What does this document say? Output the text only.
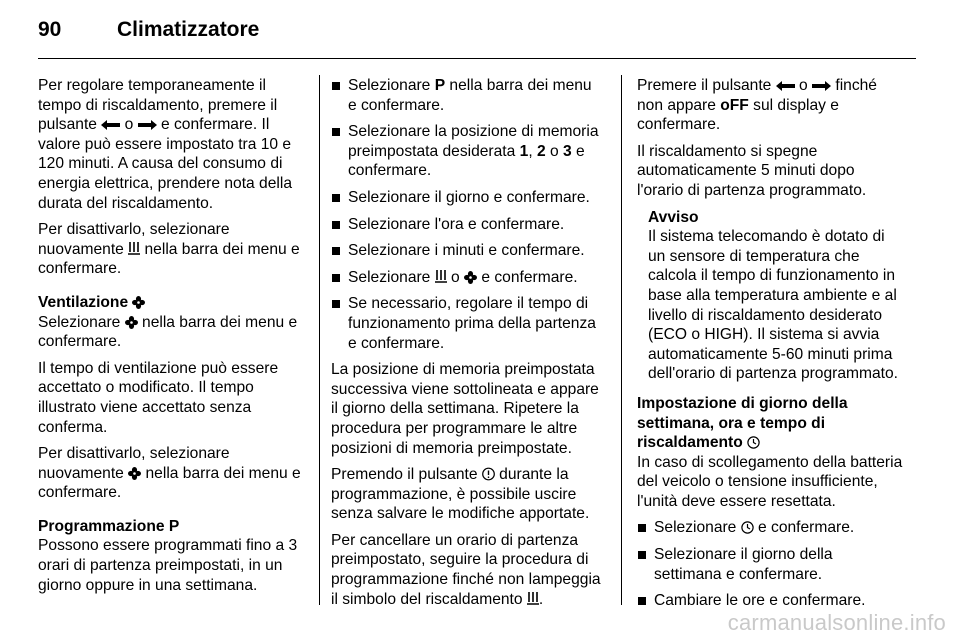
90	Climatizzatore

Per regolare temporaneamente il tempo di riscaldamento, premere il pulsante  o  e confermare. Il valore può essere impostato tra 10 e 120 minuti. A causa del consumo di energia elettrica, prendere nota della durata del riscaldamento.

Per disattivarlo, selezionare nuovamente  nella barra dei menu e confermare.

Ventilazione

Selezionare  nella barra dei menu e confermare.

Il tempo di ventilazione può essere accettato o modificato. Il tempo illustrato viene accettato senza conferma.

Per disattivarlo, selezionare nuovamente  nella barra dei menu e confermare.

Programmazione P

Possono essere programmati fino a 3 orari di partenza preimpostati, in un giorno oppure in una settimana.

Selezionare P nella barra dei menu e confermare.
Selezionare la posizione di memoria preimpostata desiderata 1, 2 o 3 e confermare.
Selezionare il giorno e confermare.
Selezionare l'ora e confermare.
Selezionare i minuti e confermare.
Selezionare  o  e confermare.
Se necessario, regolare il tempo di funzionamento prima della partenza e confermare.

La posizione di memoria preimpostata successiva viene sottolineata e appare il giorno della settimana. Ripetere la procedura per programmare le altre posizioni di memoria preimpostate.

Premendo il pulsante  durante la programmazione, è possibile uscire senza salvare le modifiche apportate.

Per cancellare un orario di partenza preimpostato, seguire la procedura di programmazione finché non lampeggia il simbolo del riscaldamento .

Premere il pulsante  o  finché non appare oFF sul display e confermare.

Il riscaldamento si spegne automaticamente 5 minuti dopo l'orario di partenza programmato.

Avviso
Il sistema telecomando è dotato di un sensore di temperatura che calcola il tempo di funzionamento in base alla temperatura ambiente e al livello di riscaldamento desiderato (ECO o HIGH). Il sistema si avvia automaticamente 5-60 minuti prima dell'orario di partenza programmato.
Impostazione di giorno della settimana, ora e tempo di riscaldamento

In caso di scollegamento della batteria del veicolo o tensione insufficiente, l'unità deve essere resettata.

Selezionare  e confermare.
Selezionare il giorno della settimana e confermare.
Cambiare le ore e confermare.
carmanualsonline.info
